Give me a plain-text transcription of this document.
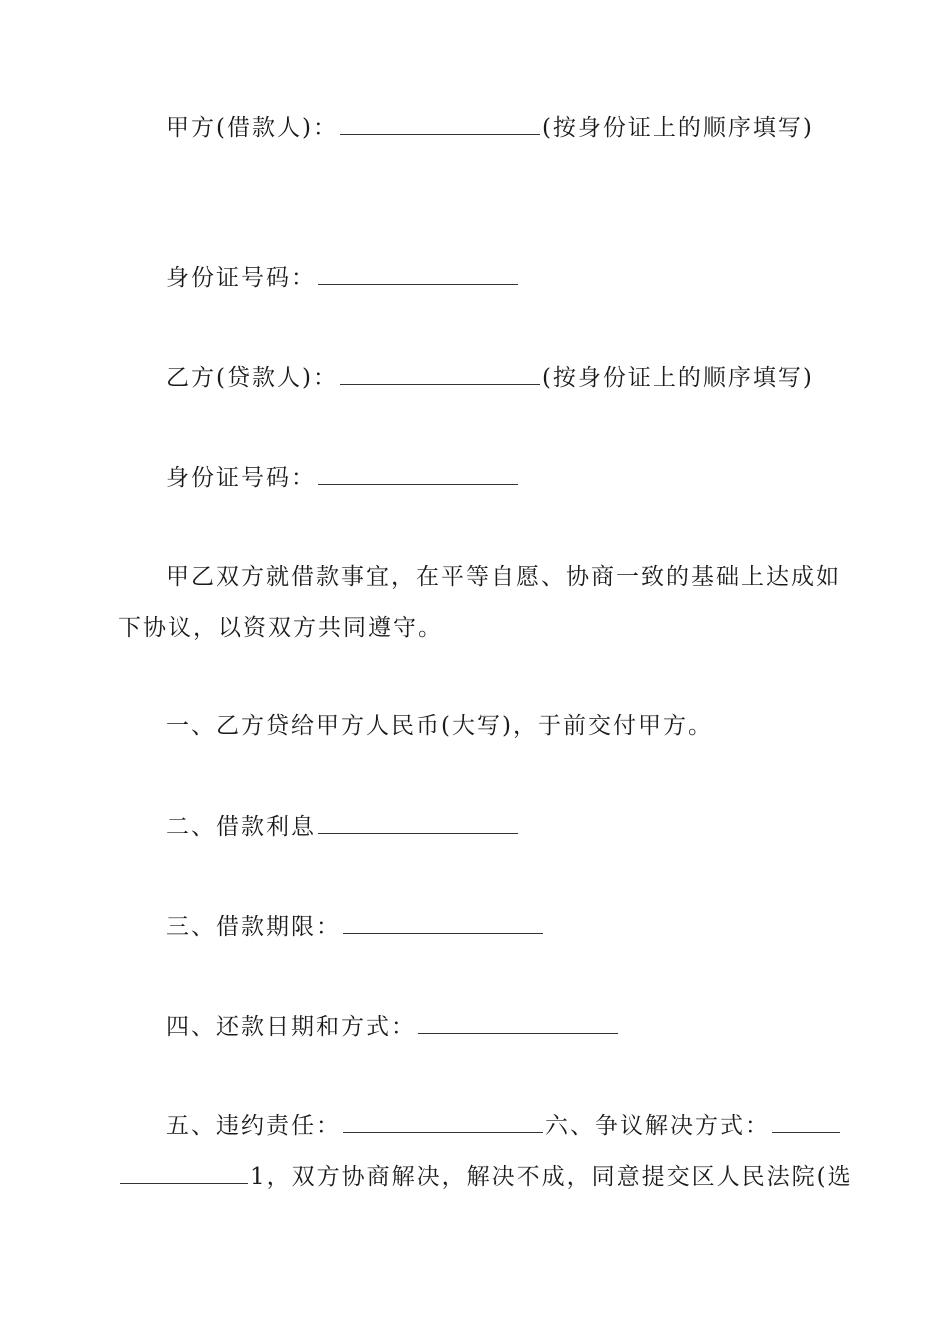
甲方(借款人)：	(按身份证上的顺序填写)
身份证号码：
乙方(贷款人)：	(按身份证上的顺序填写)
身份证号码：
甲乙双方就借款事宜，在平等自愿、协商一致的基础上达成如
下协议，以资双方共同遵守。
一、乙方贷给甲方人民币(大写)，于前交付甲方。
二、借款利息
三、借款期限：
四、还款日期和方式：
五、违约责任：	六、争议解决方式：
1，双方协商解决，解决不成，同意提交区人民法院(选
